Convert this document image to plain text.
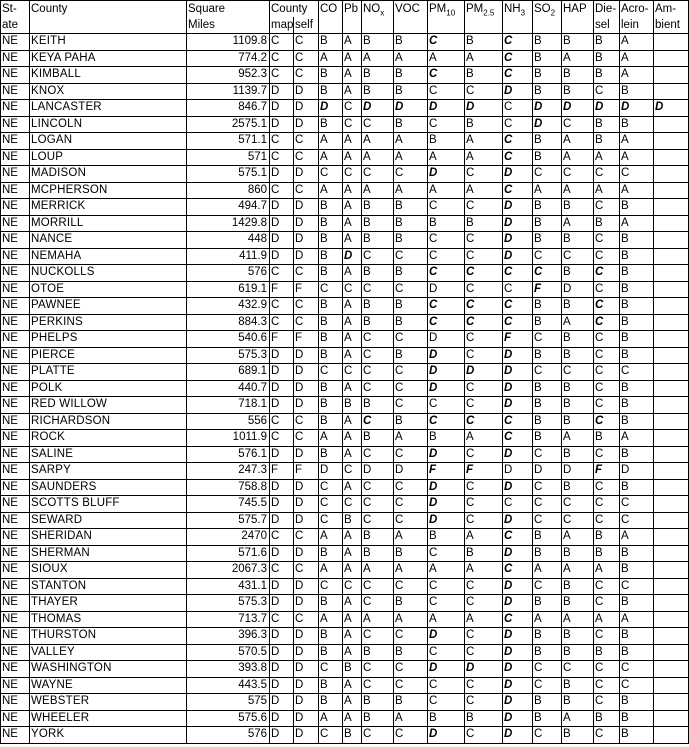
St-	County	Square	County		CO	Pb	$NO_x$	VOC	$PM_{10}$	$PM_{2.5}$	$NH_3$	$SO_2$	HAP	Die-	Acro-	Am-
ate		Miles	map	self										sel	lein	bient
NE	KEITH	1109.8	C	C	B	A	B	B	C	B	C	B	B	B	A	
NE	KEYA PAHA	774.2	C	C	A	A	A	A	A	A	C	B	A	B	A	
NE	KIMBALL	952.3	C	C	B	A	B	B	C	B	C	B	B	B	A	
NE	KNOX	1139.7	D	D	B	A	B	B	C	C	D	B	B	C	B	
NE	LANCASTER	846.7	D	D	D	C	D	D	D	D	C	D	D	D	D	D
NE	LINCOLN	2575.1	D	D	B	C	C	B	C	B	C	D	C	B	B	
NE	LOGAN	571.1	C	C	A	A	A	A	B	A	C	B	A	B	A	
NE	LOUP	571	C	C	A	A	A	A	A	A	C	B	A	A	A	
NE	MADISON	575.1	D	D	C	C	C	C	D	C	D	C	C	C	C	
NE	MCPHERSON	860	C	C	A	A	A	A	A	A	C	A	A	A	A	
NE	MERRICK	494.7	D	D	B	A	B	B	C	C	D	B	B	C	B	
NE	MORRILL	1429.8	D	D	B	A	B	B	B	B	D	B	A	B	A	
NE	NANCE	448	D	D	B	A	B	B	C	C	D	B	B	C	B	
NE	NEMAHA	411.9	D	D	B	D	C	C	C	C	D	C	C	C	B	
NE	NUCKOLLS	576	C	C	B	A	B	B	C	C	C	C	B	C	B	
NE	OTOE	619.1	F	F	C	C	C	C	D	C	C	F	D	C	B	
NE	PAWNEE	432.9	C	C	B	A	B	B	C	C	C	B	B	C	B	
NE	PERKINS	884.3	C	C	B	A	B	B	C	C	C	B	A	C	B	
NE	PHELPS	540.6	F	F	B	A	C	C	D	C	F	C	B	C	B	
NE	PIERCE	575.3	D	D	B	A	C	B	D	C	D	B	B	C	B	
NE	PLATTE	689.1	D	D	C	C	C	C	D	D	D	C	C	C	C	
NE	POLK	440.7	D	D	B	A	C	C	D	C	D	B	B	C	B	
NE	RED WILLOW	718.1	D	D	B	B	B	C	C	C	D	B	B	C	B	
NE	RICHARDSON	556	C	C	B	A	C	B	C	C	C	B	B	C	B	
NE	ROCK	1011.9	C	C	A	A	B	A	B	A	C	B	A	B	A	
NE	SALINE	576.1	D	D	B	A	C	C	D	C	D	C	B	C	B	
NE	SARPY	247.3	F	F	D	C	D	D	F	F	D	D	D	F	D	
NE	SAUNDERS	758.8	D	D	C	A	C	C	D	C	D	C	B	C	B	
NE	SCOTTS BLUFF	745.5	D	D	C	C	C	C	D	C	C	C	C	C	C	
NE	SEWARD	575.7	D	D	C	B	C	C	D	C	D	C	C	C	C	
NE	SHERIDAN	2470	C	C	A	A	B	A	B	A	C	B	A	B	A	
NE	SHERMAN	571.6	D	D	B	A	B	B	C	B	D	B	B	B	B	
NE	SIOUX	2067.3	C	C	A	A	A	A	A	A	C	A	A	A	B	
NE	STANTON	431.1	D	D	C	C	C	C	C	C	D	C	B	C	C	
NE	THAYER	575.3	D	D	B	A	C	B	C	C	D	B	B	C	B	
NE	THOMAS	713.7	C	C	A	A	A	A	A	A	C	A	A	A	A	
NE	THURSTON	396.3	D	D	B	A	C	C	D	C	D	B	B	C	B	
NE	VALLEY	570.5	D	D	B	A	B	B	C	C	D	B	B	B	B	
NE	WASHINGTON	393.8	D	D	C	B	C	C	D	D	D	C	C	C	C	
NE	WAYNE	443.5	D	D	B	A	C	C	C	C	D	C	B	C	C	
NE	WEBSTER	575	D	D	B	A	B	B	C	C	D	B	B	C	B	
NE	WHEELER	575.6	D	D	A	A	B	A	B	B	D	B	A	B	B	
NE	YORK	576	D	D	C	B	C	C	D	C	D	C	B	C	B	
